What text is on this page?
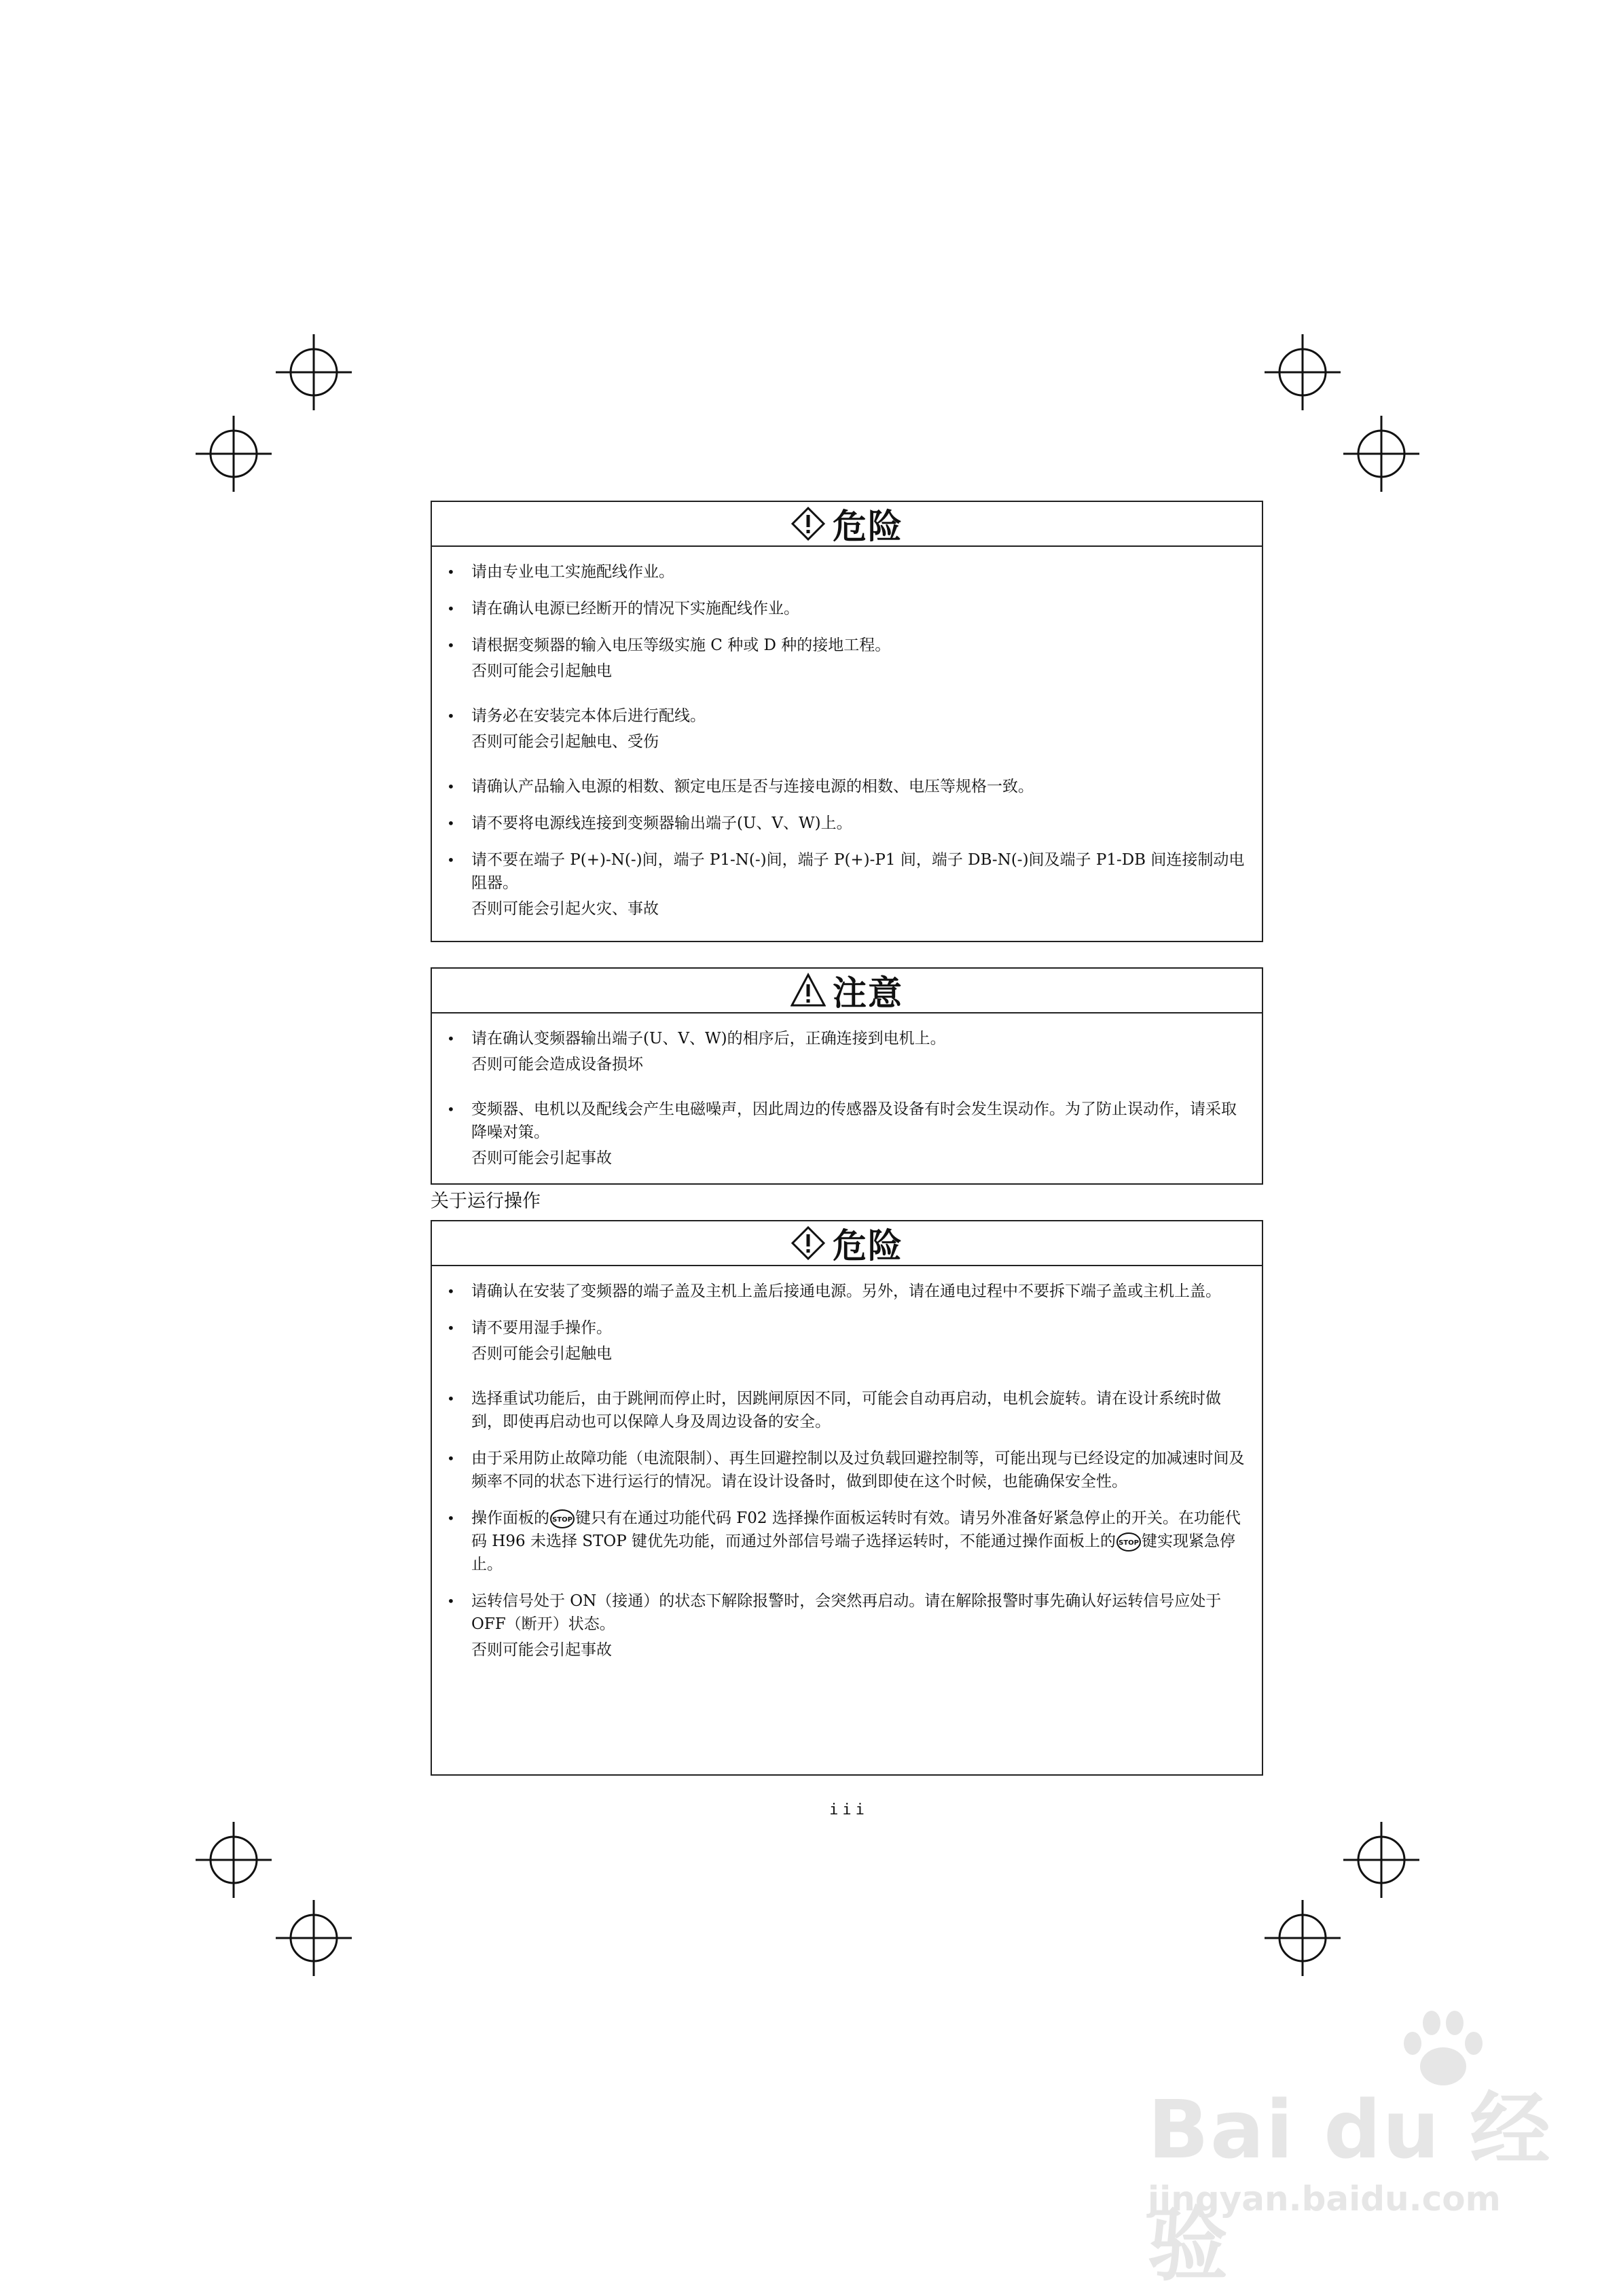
危险
•	请由专业电工实施配线作业。
•	请在确认电源已经断开的情况下实施配线作业。
•	请根据变频器的输入电压等级实施 C 种或 D 种的接地工程。
否则可能会引起触电
•	请务必在安装完本体后进行配线。
否则可能会引起触电、受伤
•	请确认产品输入电源的相数、额定电压是否与连接电源的相数、电压等规格一致。
•	请不要将电源线连接到变频器输出端子(U、V、W)上。
•	请不要在端子 P(+)-N(-)间，端子 P1-N(-)间，端子 P(+)-P1 间，端子 DB-N(-)间及端子 P1-DB 间连接制动电阻器。
否则可能会引起火灾、事故
注意
•	请在确认变频器输出端子(U、V、W)的相序后，正确连接到电机上。
否则可能会造成设备损坏
•	变频器、电机以及配线会产生电磁噪声，因此周边的传感器及设备有时会发生误动作。为了防止误动作，请采取降噪对策。
否则可能会引起事故
关于运行操作
危险
•	请确认在安装了变频器的端子盖及主机上盖后接通电源。另外，请在通电过程中不要拆下端子盖或主机上盖。
•	请不要用湿手操作。
否则可能会引起触电
•	选择重试功能后，由于跳闸而停止时，因跳闸原因不同，可能会自动再启动，电机会旋转。请在设计系统时做到，即使再启动也可以保障人身及周边设备的安全。
•	由于采用防止故障功能（电流限制）、再生回避控制以及过负载回避控制等，可能出现与已经设定的加减速时间及频率不同的状态下进行运行的情况。请在设计设备时，做到即使在这个时候，也能确保安全性。
•	操作面板的 STOP 键只有在通过功能代码 F02 选择操作面板运转时有效。请另外准备好紧急停止的开关。在功能代码 H96 未选择 STOP 键优先功能，而通过外部信号端子选择运转时，不能通过操作面板上的 STOP 键实现紧急停止。
•	运转信号处于 ON（接通）的状态下解除报警时，会突然再启动。请在解除报警时事先确认好运转信号应处于 OFF（断开）状态。
否则可能会引起事故
iii
Bai du 经验
jingyan.baidu.com
